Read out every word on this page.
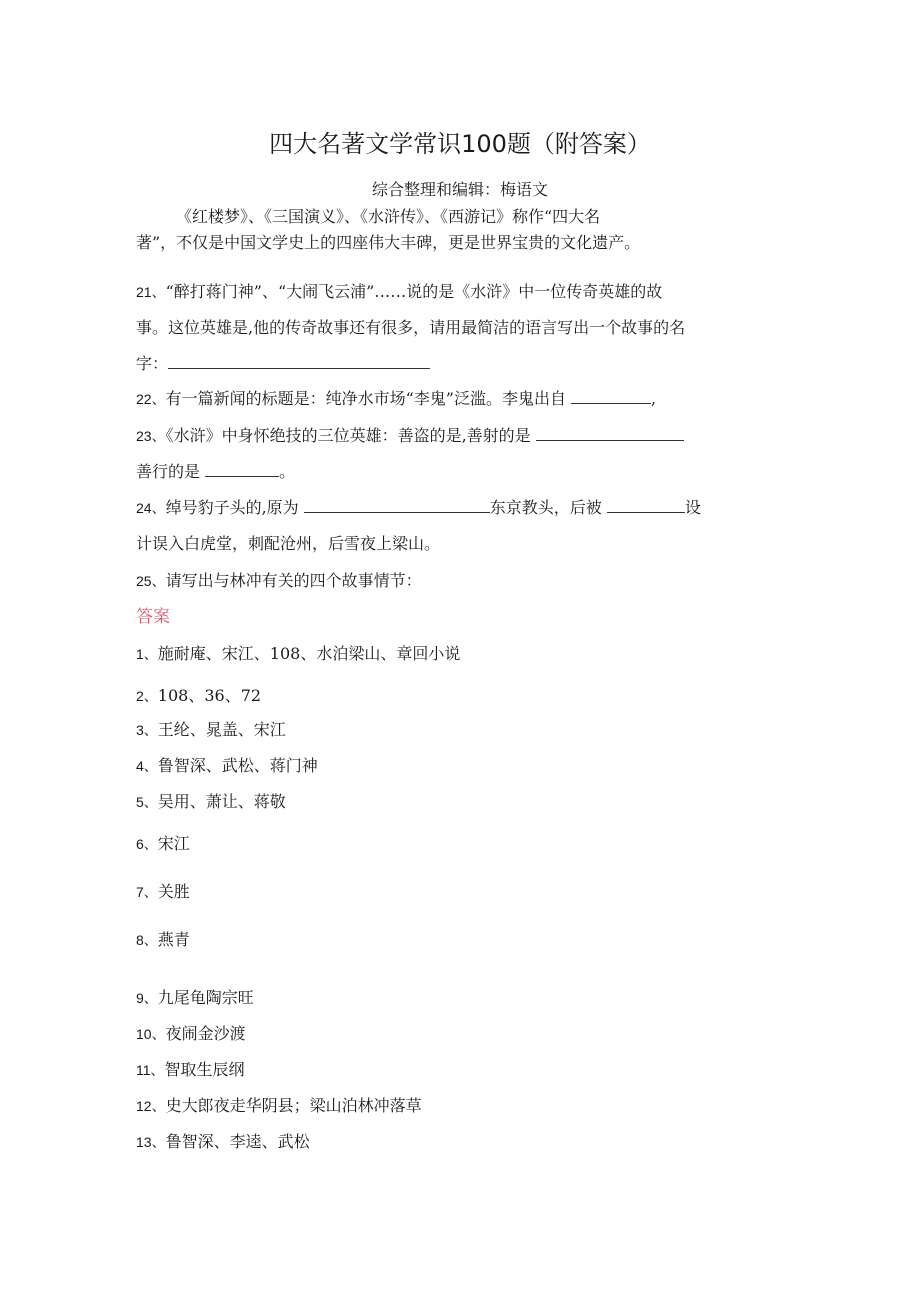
四大名著文学常识100题（附答案）
综合整理和编辑：梅语文
《红楼梦》、《三国演义》、《水浒传》、《西游记》称作“四大名
著”，不仅是中国文学史上的四座伟大丰碑，更是世界宝贵的文化遗产。
21、“醉打蒋门神”、“大闹飞云浦”……说的是《水浒》中一位传奇英雄的故
事。这位英雄是,他的传奇故事还有很多，请用最简洁的语言写出一个故事的名
字：
22、有一篇新闻的标题是：纯净水市场“李鬼”泛滥。李鬼出自	,
23、《水浒》中身怀绝技的三位英雄：善盗的是,善射的是
善行的是	。
24、绰号豹子头的,原为	东京教头，后被	设
计误入白虎堂，刺配沧州，后雪夜上梁山。
25、请写出与林冲有关的四个故事情节：
答案
1、施耐庵、宋江、108、水泊梁山、章回小说
2、108、36、72
3、王纶、晁盖、宋江
4、鲁智深、武松、蒋门神
5、吴用、萧让、蒋敬
6、宋江
7、关胜
8、燕青
9、九尾龟陶宗旺
10、夜闹金沙渡
11、智取生辰纲
12、史大郎夜走华阴县；梁山泊林冲落草
13、鲁智深、李逵、武松
